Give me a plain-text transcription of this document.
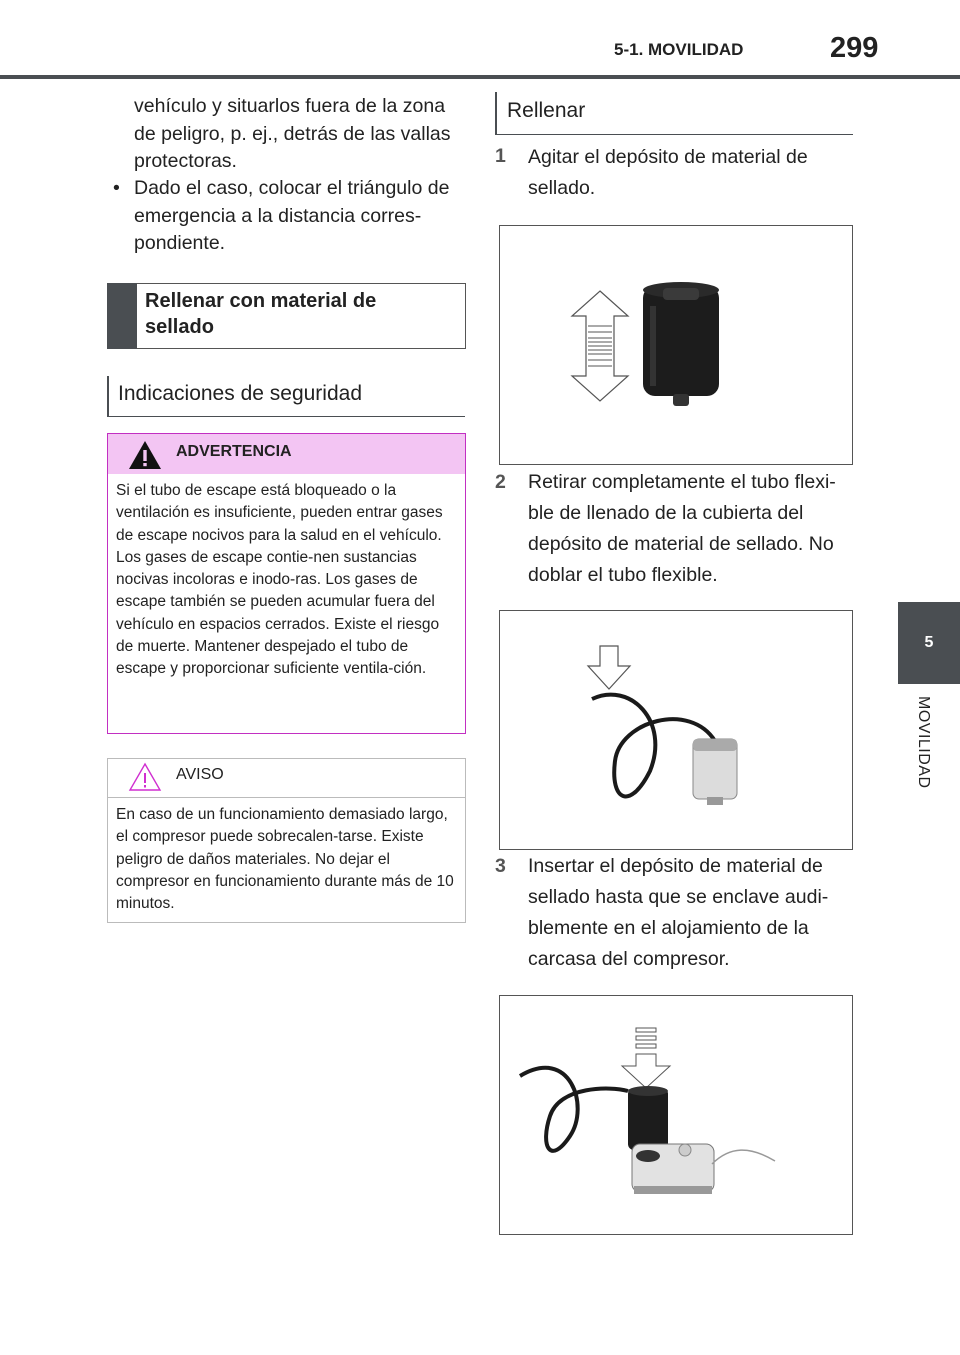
5-1. MOVILIDAD	299
5
MOVILIDAD
vehículo y situarlos fuera de la zona de peligro, p. ej., detrás de las vallas protectoras.
• Dado el caso, colocar el triángulo de emergencia a la distancia corres-pondiente.
Rellenar con material de sellado
Indicaciones de seguridad
ADVERTENCIA
Si el tubo de escape está bloqueado o la ventilación es insuficiente, pueden entrar gases de escape nocivos para la salud en el vehículo. Los gases de escape contie-nen sustancias nocivas incoloras e inodo-ras. Los gases de escape también se pueden acumular fuera del vehículo en espacios cerrados. Existe el riesgo de muerte. Mantener despejado el tubo de escape y proporcionar suficiente ventila-ción.
AVISO
En caso de un funcionamiento demasiado largo, el compresor puede sobrecalen-tarse. Existe peligro de daños materiales. No dejar el compresor en funcionamiento durante más de 10 minutos.
Rellenar
1 Agitar el depósito de material de sellado.
2 Retirar completamente el tubo flexi-ble de llenado de la cubierta del depósito de material de sellado. No doblar el tubo flexible.
3 Insertar el depósito de material de sellado hasta que se enclave audi-blemente en el alojamiento de la carcasa del compresor.
